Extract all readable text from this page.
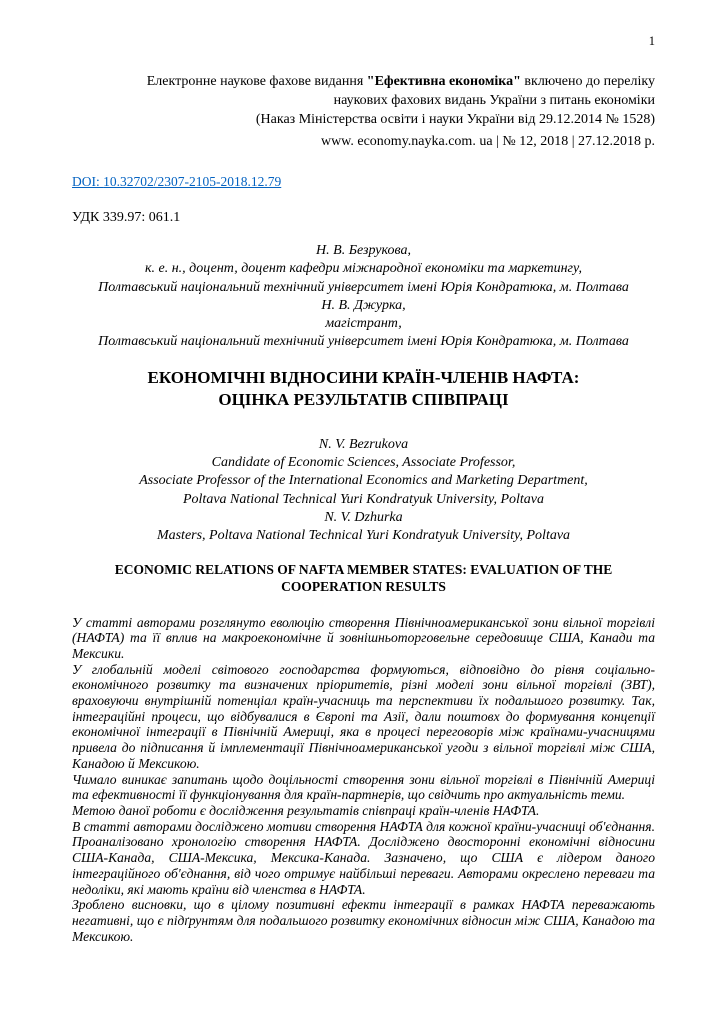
1

Електронне наукове фахове видання "Ефективна економіка" включено до переліку

наукових фахових видань України з питань економіки

(Наказ Міністерства освіти і науки України від 29.12.2014 № 1528)

www. economy.nayka.com. ua | № 12, 2018 | 27.12.2018 р.

DOI: 10.32702/2307-2105-2018.12.79

УДК 339.97: 061.1

Н. В. Безрукова,

к. е. н., доцент, доцент кафедри міжнародної економіки та маркетингу,

Полтавський національний технічний університет імені Юрія Кондратюка, м. Полтава

Н. В. Джурка,

магістрант,

Полтавський національний технічний університет імені Юрія Кондратюка, м. Полтава

ЕКОНОМІЧНІ ВІДНОСИНИ КРАЇН-ЧЛЕНІВ НАФТА:
ОЦІНКА РЕЗУЛЬТАТІВ СПІВПРАЦІ

N. V. Bezrukova

Candidate of Economic Sciences, Associate Professor,

Associate Professor of the International Economics and Marketing Department,

Poltava National Technical Yuri Kondratyuk University, Poltava

N. V. Dzhurka

Masters, Poltava National Technical Yuri Kondratyuk University, Poltava

ECONOMIC RELATIONS OF NAFTA MEMBER STATES: EVALUATION OF THE
COOPERATION RESULTS

У статті авторами розглянуто еволюцію створення Північноамериканської зони вільної торгівлі (НАФТА) та її вплив на макроекономічне й зовнішньоторговельне середовище США, Канади та Мексики.

У глобальній моделі світового господарства формуються, відповідно до рівня соціально-економічного розвитку та визначених пріоритетів, різні моделі зони вільної торгівлі (ЗВТ), враховуючи внутрішній потенціал країн-учасниць та перспективи їх подальшого розвитку. Так, інтеграційні процеси, що відбувалися в Європі та Азії, дали поштовх до формування концепції економічної інтеграції в Північній Америці, яка в процесі переговорів між країнами-учасницями привела до підписання й імплементації Північноамериканської угоди з вільної торгівлі між США, Канадою й Мексикою.

Чимало виникає запитань щодо доцільності створення зони вільної торгівлі в Північній Америці та ефективності її функціонування для країн-партнерів, що свідчить про актуальність теми.

Метою даної роботи є дослідження результатів співпраці країн-членів НАФТА.

В статті авторами досліджено мотиви створення НАФТА для кожної країни-учасниці об'єднання. Проаналізовано хронологію створення НАФТА. Досліджено двосторонні економічні відносини США-Канада, США-Мексика, Мексика-Канада. Зазначено, що США є лідером даного інтеграційного об'єднання, від чого отримує найбільші переваги. Авторами окреслено переваги та недоліки, які мають країни від членства в НАФТА.

Зроблено висновки, що в цілому позитивні ефекти інтеграції в рамках НАФТА переважають негативні, що є підґрунтям для подальшого розвитку економічних відносин між США, Канадою та Мексикою.
